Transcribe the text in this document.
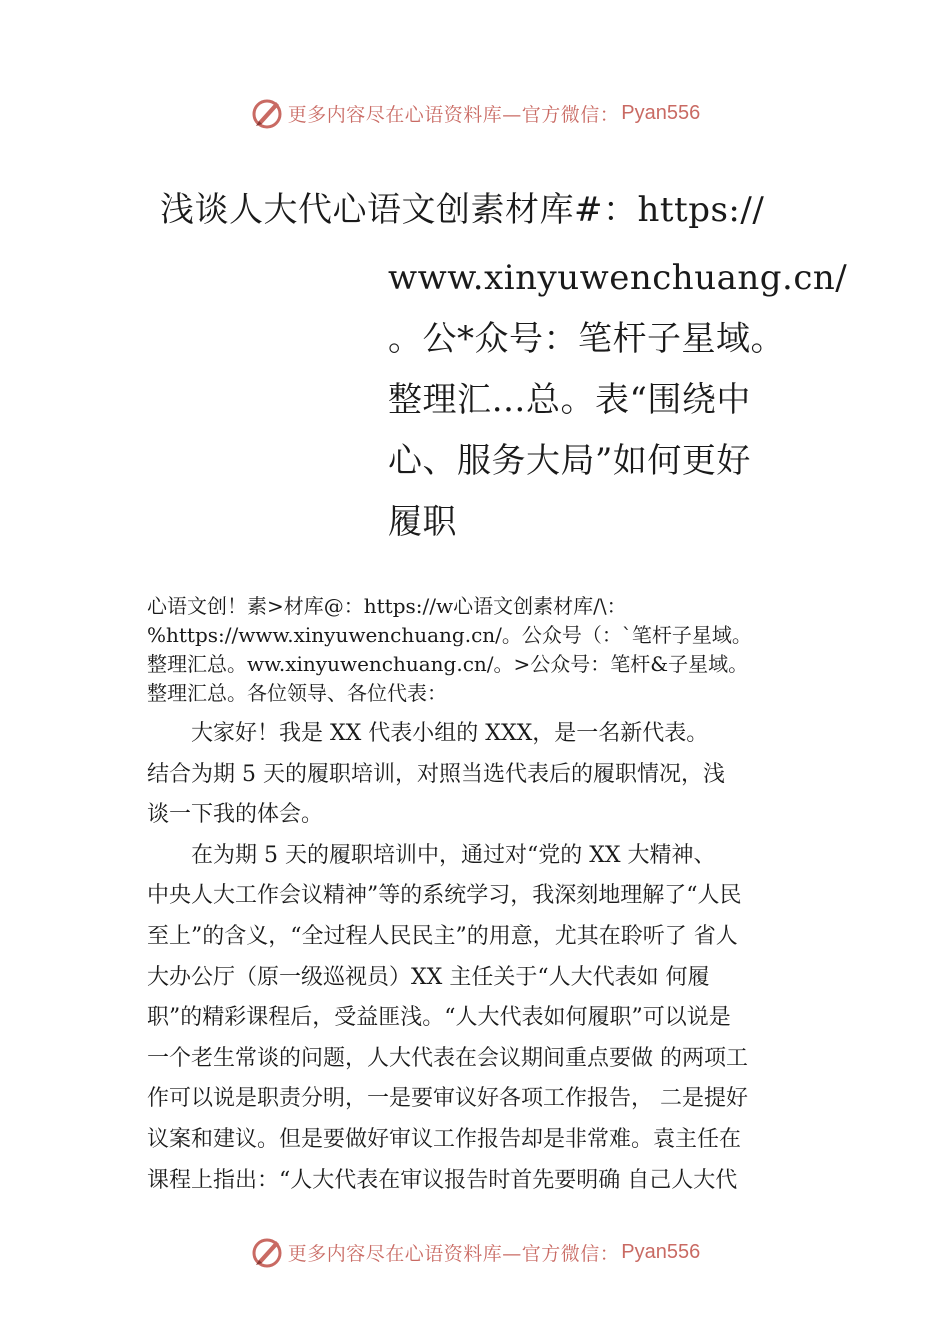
更多内容尽在心语资料库—官方微信： Pyan556
浅谈人大代心语文创素材库#：https://
www.xinyuwenchuang.cn/
。公*众号：笔杆子星域。
整理汇…总。表“围绕中
心、服务大局”如何更好
履职
心语文创！素>材库@：https://w心语文创素材库/\：
%https://www.xinyuwenchuang.cn/。公众号（：`笔杆子星域。
整理汇总。ww.xinyuwenchuang.cn/。>公众号：笔杆&子星域。
整理汇总。各位领导、各位代表：
　　大家好！我是 XX 代表小组的 XXX，是一名新代表。
结合为期 5 天的履职培训，对照当选代表后的履职情况，浅
谈一下我的体会。
　　在为期 5 天的履职培训中，通过对“党的 XX 大精神、
中央人大工作会议精神”等的系统学习，我深刻地理解了“人民
至上”的含义，“全过程人民民主”的用意，尤其在聆听了 省人
大办公厅（原一级巡视员）XX 主任关于“人大代表如 何履
职”的精彩课程后，受益匪浅。“人大代表如何履职”可以说是
一个老生常谈的问题，人大代表在会议期间重点要做 的两项工
作可以说是职责分明，一是要审议好各项工作报告， 二是提好
议案和建议。但是要做好审议工作报告却是非常难。袁主任在
课程上指出：“人大代表在审议报告时首先要明确 自己人大代
更多内容尽在心语资料库—官方微信： Pyan556
